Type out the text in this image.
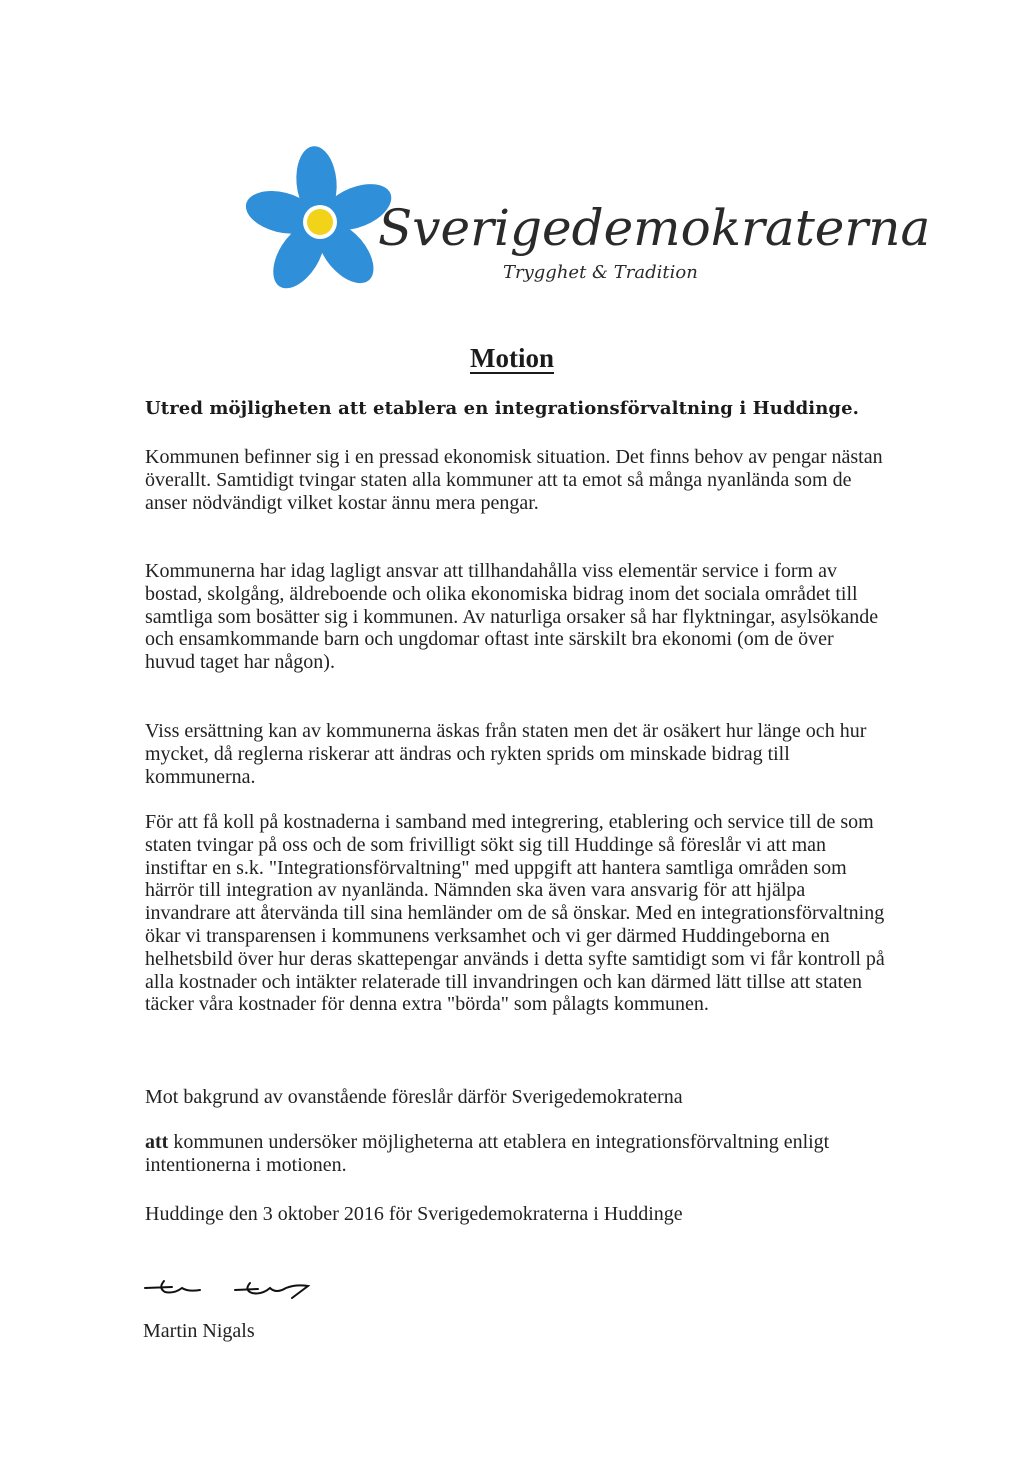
Sverigedemokraterna
Trygghet & Tradition
Motion
Utred möjligheten att etablera en integrationsförvaltning i Huddinge.

Kommunen befinner sig i en pressad ekonomisk situation. Det finns behov av pengar nästan överallt. Samtidigt tvingar staten alla kommuner att ta emot så många nyanlända som de anser nödvändigt vilket kostar ännu mera pengar.

Kommunerna har idag lagligt ansvar att tillhandahålla viss elementär service i form av bostad, skolgång, äldreboende och olika ekonomiska bidrag inom det sociala området till samtliga som bosätter sig i kommunen. Av naturliga orsaker så har flyktningar, asylsökande och ensamkommande barn och ungdomar oftast inte särskilt bra ekonomi (om de över huvud taget har någon).

Viss ersättning kan av kommunerna äskas från staten men det är osäkert hur länge och hur mycket, då reglerna riskerar att ändras och rykten sprids om minskade bidrag till kommunerna.

För att få koll på kostnaderna i samband med integrering, etablering och service till de som staten tvingar på oss och de som frivilligt sökt sig till Huddinge så föreslår vi att man instiftar en s.k. "Integrationsförvaltning" med uppgift att hantera samtliga områden som härrör till integration av nyanlända. Nämnden ska även vara ansvarig för att hjälpa invandrare att återvända till sina hemländer om de så önskar. Med en integrationsförvaltning ökar vi transparensen i kommunens verksamhet och vi ger därmed Huddingeborna en helhetsbild över hur deras skattepengar används i detta syfte samtidigt som vi får kontroll på alla kostnader och intäkter relaterade till invandringen och kan därmed lätt tillse att staten täcker våra kostnader för denna extra "börda" som pålagts kommunen.

Mot bakgrund av ovanstående föreslår därför Sverigedemokraterna
att kommunen undersöker möjligheterna att etablera en integrationsförvaltning enligt intentionerna i motionen.
Huddinge den 3 oktober 2016 för Sverigedemokraterna i Huddinge
Martin Nigals
